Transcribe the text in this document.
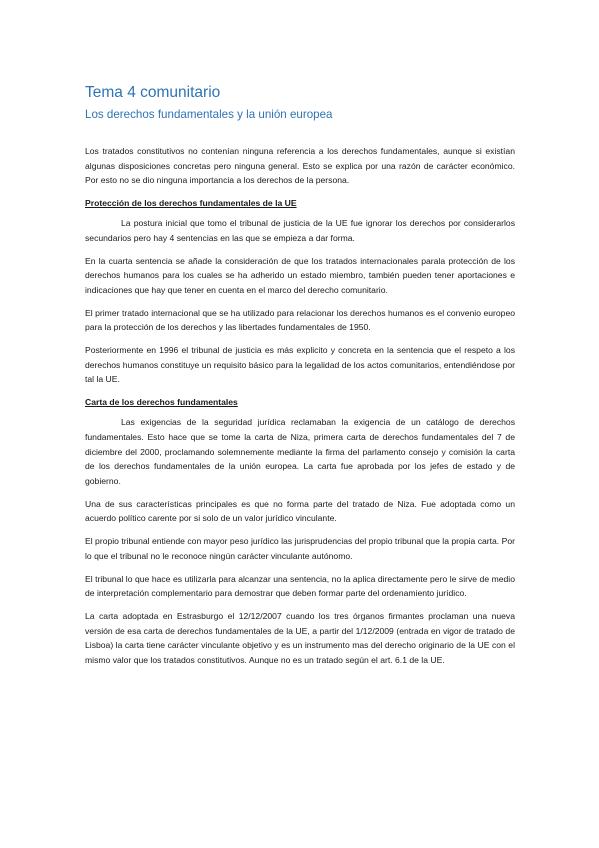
Tema 4 comunitario
Los derechos fundamentales y la unión europea

Los tratados constitutivos no contenían ninguna referencia a los derechos fundamentales, aunque si existían algunas disposiciones concretas pero ninguna general. Esto se explica por una razón de carácter económico. Por esto no se dio ninguna importancia a los derechos de la persona.

Protección de los derechos fundamentales de la UE

La postura inicial que tomo el tribunal de justicia de la UE fue ignorar los derechos por considerarlos secundarios pero hay 4 sentencias en las que se empieza a dar forma.

En la cuarta sentencia se añade la consideración de que los tratados internacionales parala protección de los derechos humanos para los cuales se ha adherido un estado miembro, también pueden tener aportaciones e indicaciones que hay que tener en cuenta en el marco del derecho comunitario.

El primer tratado internacional que se ha utilizado para relacionar los derechos humanos es el convenio europeo para la protección de los derechos y las libertades fundamentales de 1950.

Posteriormente en 1996 el tribunal de justicia es más explicito y concreta en la sentencia que el respeto a los derechos humanos constituye un requisito básico para la legalidad de los actos comunitarios, entendiéndose por tal la UE.

Carta de los derechos fundamentales

Las exigencias de la seguridad jurídica reclamaban la exigencia de un catálogo de derechos fundamentales. Esto hace que se tome la carta de Niza, primera carta de derechos fundamentales del 7 de diciembre del 2000, proclamando solemnemente mediante la firma del parlamento consejo y comisión la carta de los derechos fundamentales de la unión europea. La carta fue aprobada por los jefes de estado y de gobierno.

Una de sus características principales es que no forma parte del tratado de Niza. Fue adoptada como un acuerdo político carente por si solo de un valor jurídico vinculante.

El propio tribunal entiende con mayor peso jurídico las jurisprudencias del propio tribunal que la propia carta. Por lo que el tribunal no le reconoce ningún carácter vinculante autónomo.

El tribunal lo que hace es utilizarla para alcanzar una sentencia, no la aplica directamente pero le sirve de medio de interpretación complementario para demostrar que deben formar parte del ordenamiento jurídico.

La carta adoptada en Estrasburgo el 12/12/2007 cuando los tres órganos firmantes proclaman una nueva versión de esa carta de derechos fundamentales de la UE, a partir del 1/12/2009 (entrada en vigor de tratado de Lisboa) la carta tiene carácter vinculante objetivo y es un instrumento mas del derecho originario de la UE con el mismo valor que los tratados constitutivos. Aunque no es un tratado según el art. 6.1 de la UE.
